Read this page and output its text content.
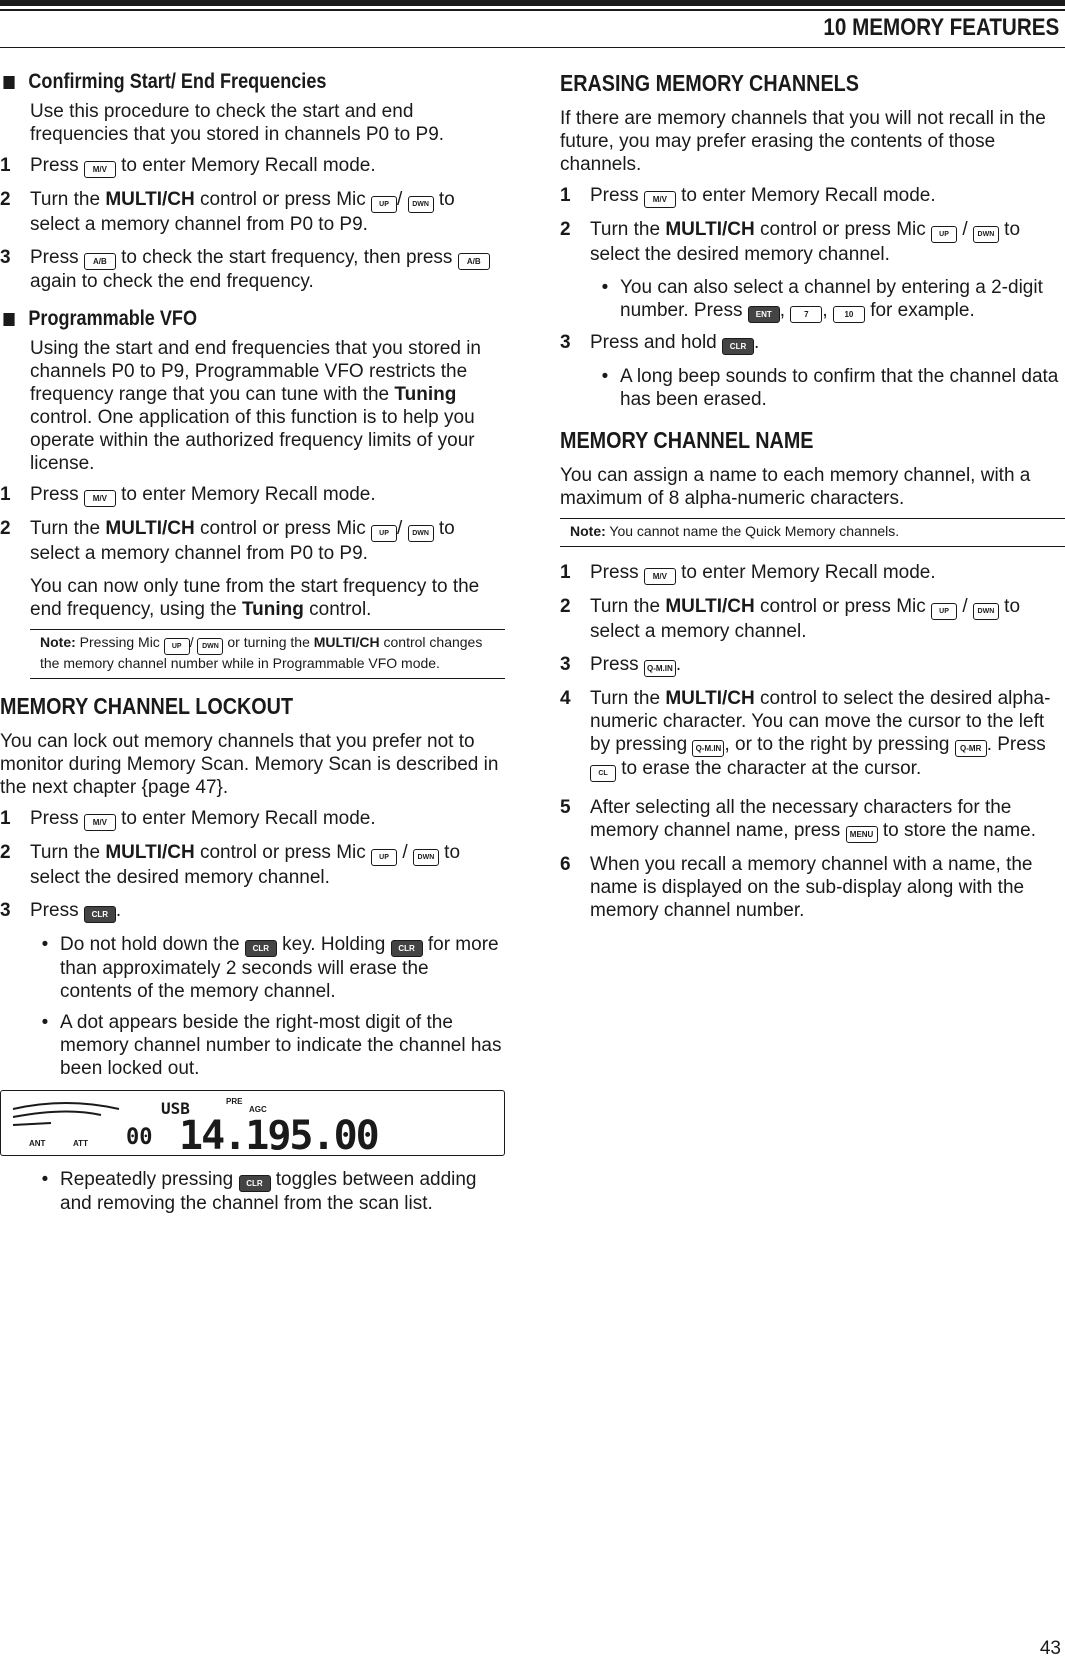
10 MEMORY FEATURES
Confirming Start/ End Frequencies

Use this procedure to check the start and end frequencies that you stored in channels P0 to P9.

1	Press M/V to enter Memory Recall mode.
2	Turn the MULTI/CH control or press Mic UP / DWN to select a memory channel from P0 to P9.
3	Press A/B to check the start frequency, then press A/B again to check the end frequency.
Programmable VFO

Using the start and end frequencies that you stored in channels P0 to P9, Programmable VFO restricts the frequency range that you can tune with the Tuning control. One application of this function is to help you operate within the authorized frequency limits of your license.

1	Press M/V to enter Memory Recall mode.
2	Turn the MULTI/CH control or press Mic UP / DWN to select a memory channel from P0 to P9.

You can now only tune from the start frequency to the end frequency, using the Tuning control.

Note: Pressing Mic UP / DWN or turning the MULTI/CH control changes the memory channel number while in Programmable VFO mode.
MEMORY CHANNEL LOCKOUT

You can lock out memory channels that you prefer not to monitor during Memory Scan. Memory Scan is described in the next chapter {page 47}.

1	Press M/V to enter Memory Recall mode.
2	Turn the MULTI/CH control or press Mic UP / DWN to select the desired memory channel.
3	Press CLR .
• Do not hold down the CLR key. Holding CLR for more than approximately 2 seconds will erase the contents of the memory channel.
• A dot appears beside the right-most digit of the memory channel number to indicate the channel has been locked out.
USB	PRE
AGC
00 14.195.00
ANT	ATT
• Repeatedly pressing CLR toggles between adding and removing the channel from the scan list.
ERASING MEMORY CHANNELS

If there are memory channels that you will not recall in the future, you may prefer erasing the contents of those channels.

1	Press M/V to enter Memory Recall mode.
2	Turn the MULTI/CH control or press Mic UP / DWN to select the desired memory channel.
• You can also select a channel by entering a 2-digit number. Press ENT , 7 , 10 for example.
3	Press and hold CLR .
• A long beep sounds to confirm that the channel data has been erased.
MEMORY CHANNEL NAME

You can assign a name to each memory channel, with a maximum of 8 alpha-numeric characters.

Note: You cannot name the Quick Memory channels.
1	Press M/V to enter Memory Recall mode.
2	Turn the MULTI/CH control or press Mic UP / DWN to select a memory channel.
3	Press Q-M.IN .
4	Turn the MULTI/CH control to select the desired alpha-numeric character. You can move the cursor to the left by pressing Q-M.IN , or to the right by pressing Q-MR . Press CL to erase the character at the cursor.
5	After selecting all the necessary characters for the memory channel name, press MENU to store the name.
6	When you recall a memory channel with a name, the name is displayed on the sub-display along with the memory channel number.
43
